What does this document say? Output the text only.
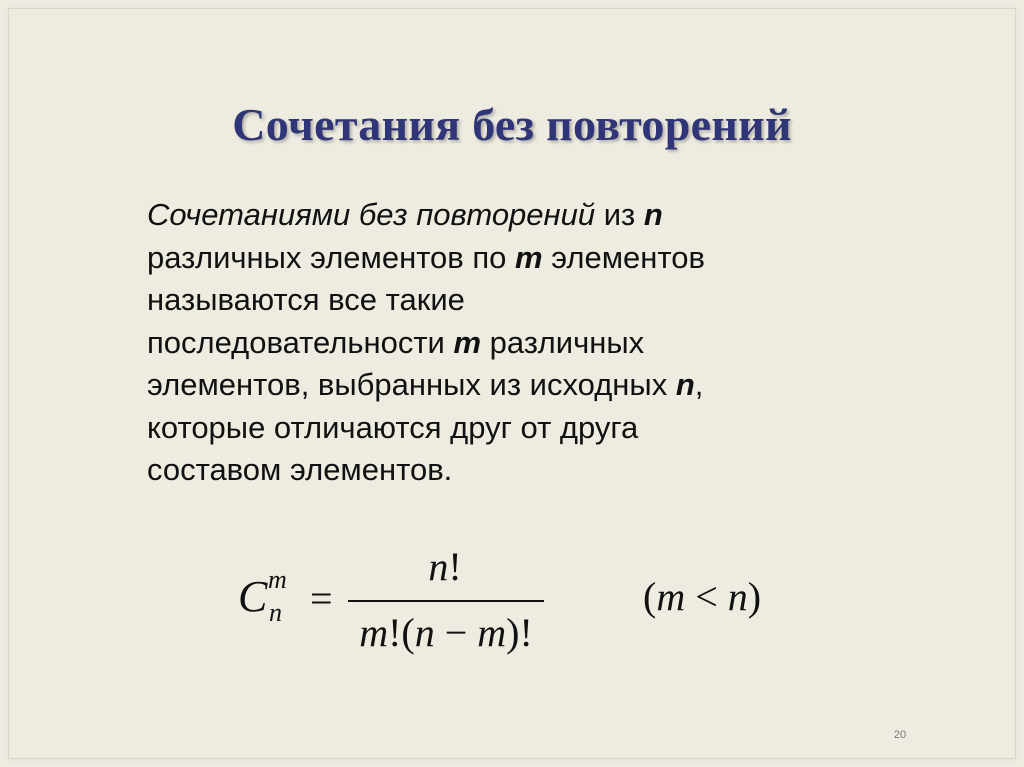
Сочетания без повторений
Сочетаниями без повторений из n
различных элементов по m элементов
называются все такие
последовательности m различных
элементов, выбранных из исходных n,
которые отличаются друг от друга
составом элементов.
C m
n =
n!
m!(n − m)!
(m < n)
20
